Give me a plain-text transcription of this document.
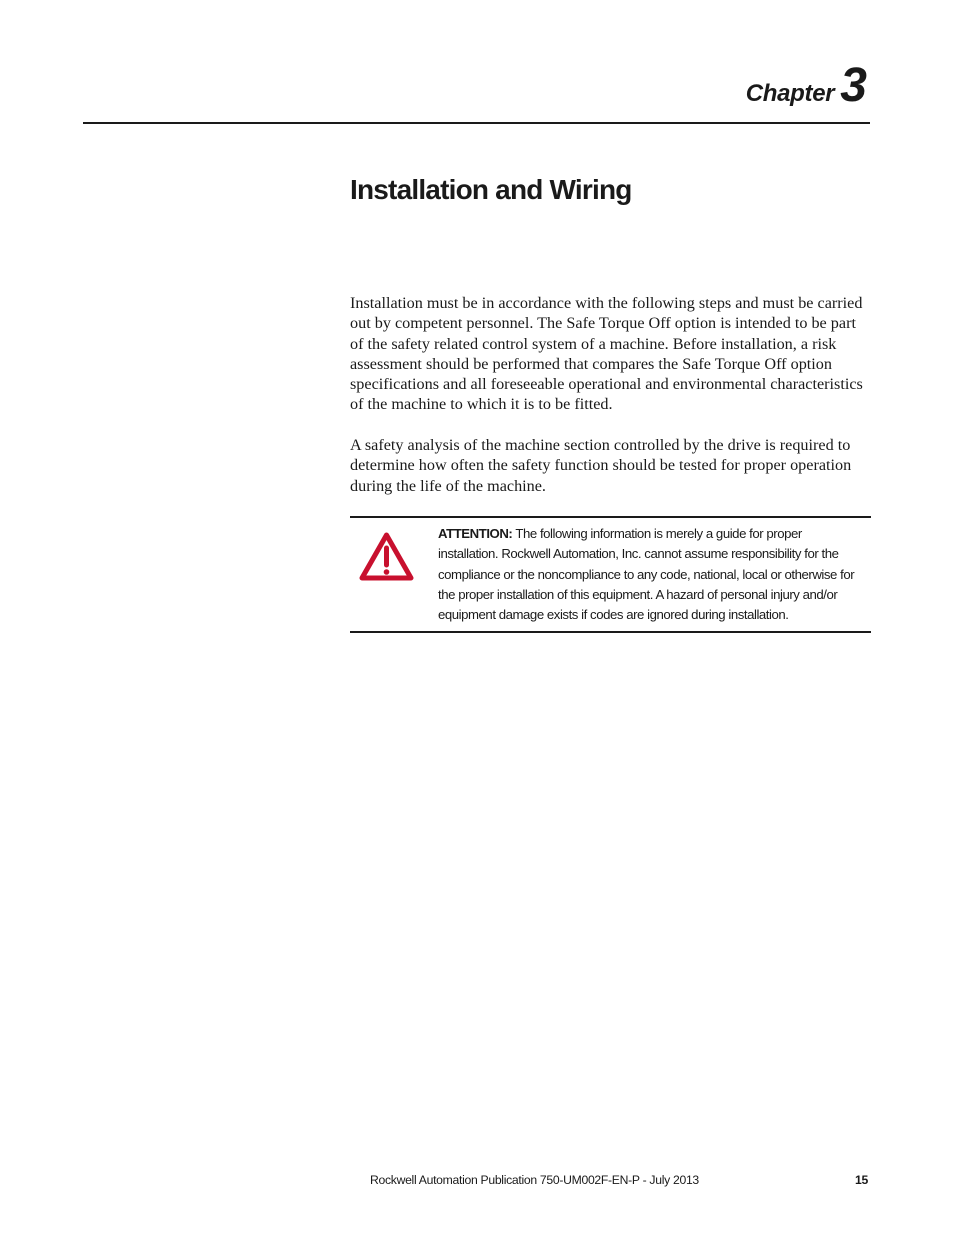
Chapter 3
Installation and Wiring

Installation must be in accordance with the following steps and must be carried out by competent personnel. The Safe Torque Off option is intended to be part of the safety related control system of a machine. Before installation, a risk assessment should be performed that compares the Safe Torque Off option specifications and all foreseeable operational and environmental characteristics of the machine to which it is to be fitted.

A safety analysis of the machine section controlled by the drive is required to determine how often the safety function should be tested for proper operation during the life of the machine.

ATTENTION: The following information is merely a guide for proper installation. Rockwell Automation, Inc. cannot assume responsibility for the compliance or the noncompliance to any code, national, local or otherwise for the proper installation of this equipment. A hazard of personal injury and/or equipment damage exists if codes are ignored during installation.

Rockwell Automation Publication 750-UM002F-EN-P - July 2013	15
